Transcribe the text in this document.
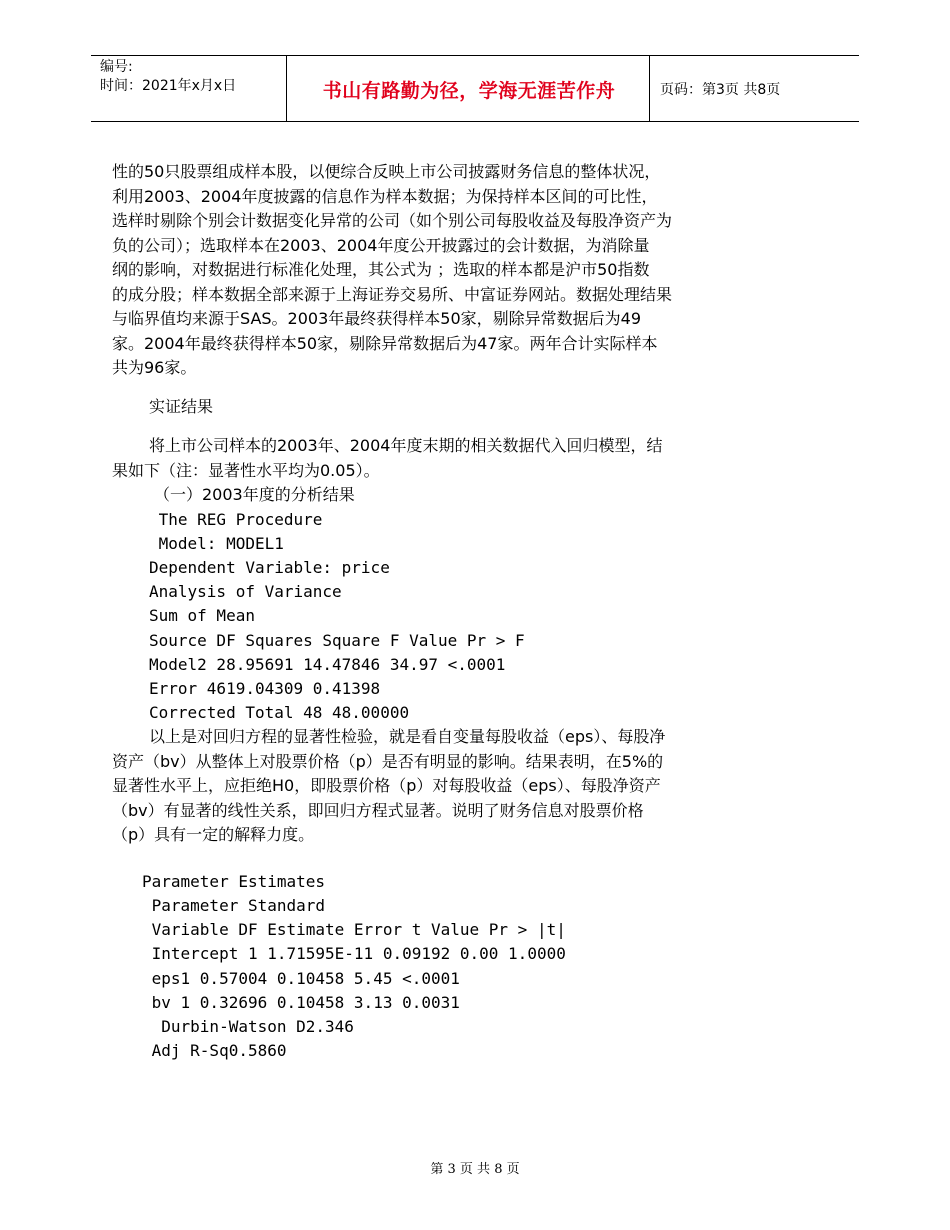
编号:
时间：2021年x月x日	书山有路勤为径，学海无涯苦作舟	页码：第3页 共8页

性的50只股票组成样本股，以便综合反映上市公司披露财务信息的整体状况，

利用2003、2004年度披露的信息作为样本数据；为保持样本区间的可比性，

选样时剔除个别会计数据变化异常的公司（如个别公司每股收益及每股净资产为

负的公司）；选取样本在2003、2004年度公开披露过的会计数据，为消除量

纲的影响，对数据进行标准化处理，其公式为 ；选取的样本都是沪市50指数

的成分股；样本数据全部来源于上海证券交易所、中富证券网站。数据处理结果

与临界值均来源于SAS。2003年最终获得样本50家，剔除异常数据后为49

家。2004年最终获得样本50家，剔除异常数据后为47家。两年合计实际样本

共为96家。

实证结果

将上市公司样本的2003年、2004年度末期的相关数据代入回归模型，结

果如下（注：显著性水平均为0.05）。

（一）2003年度的分析结果

The REG Procedure

Model: MODEL1

Dependent Variable: price

Analysis of Variance

Sum of Mean

Source DF Squares Square F Value Pr > F

Model2 28.95691 14.47846 34.97 <.0001

Error 4619.04309 0.41398

Corrected Total 48 48.00000

以上是对回归方程的显著性检验，就是看自变量每股收益（eps）、每股净

资产（bv）从整体上对股票价格（p）是否有明显的影响。结果表明，在5%的

显著性水平上，应拒绝H0，即股票价格（p）对每股收益（eps）、每股净资产

（bv）有显著的线性关系，即回归方程式显著。说明了财务信息对股票价格

（p）具有一定的解释力度。

Parameter Estimates

Parameter Standard

Variable DF Estimate Error t Value Pr > |t|

Intercept 1 1.71595E-11 0.09192 0.00 1.0000

eps1 0.57004 0.10458 5.45 <.0001

bv 1 0.32696 0.10458 3.13 0.0031

Durbin-Watson D2.346

Adj R-Sq0.5860

第 3 页 共 8 页
